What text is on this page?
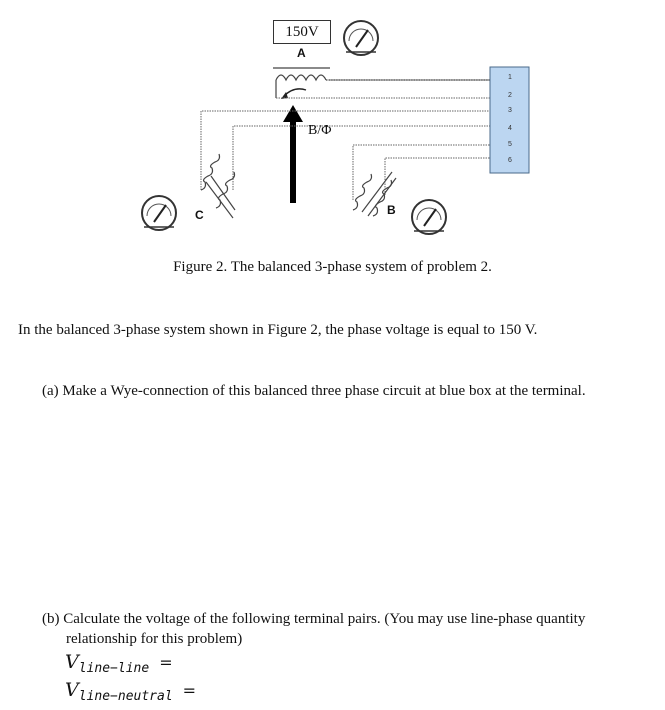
150V
A
B
C
B/Φ
1
2
3
4
5
6
Figure 2. The balanced 3-phase system of problem 2.
In the balanced 3-phase system shown in Figure 2, the phase voltage is equal to 150 V.
(a) Make a Wye-connection of this balanced three phase circuit at blue box at the terminal.
(b) Calculate the voltage of the following terminal pairs. (You may use line-phase quantity
relationship for this problem)
$V_{line-line}$ =
$V_{line-neutral}$ =
